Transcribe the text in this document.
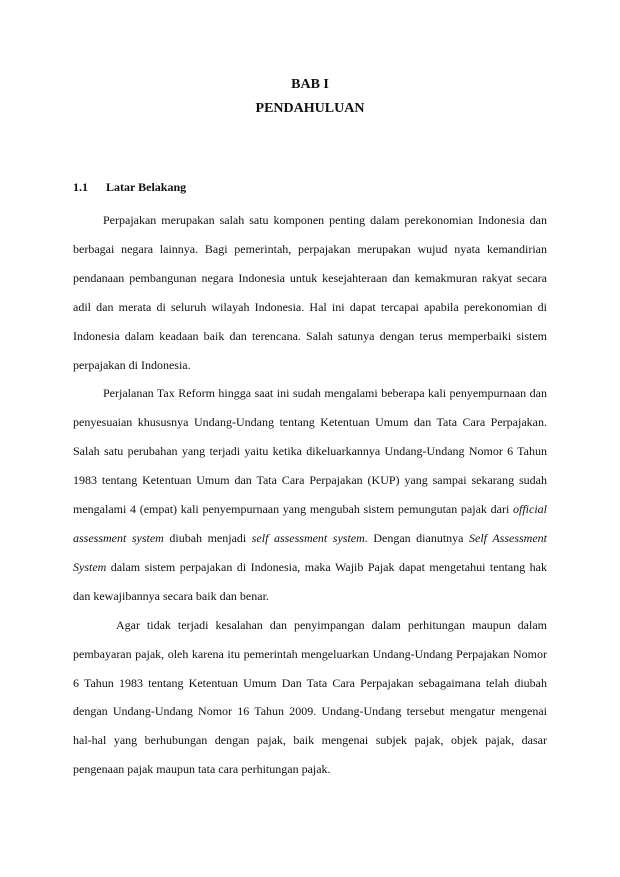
BAB I
PENDAHULUAN
1.1 Latar Belakang

Perpajakan merupakan salah satu komponen penting dalam perekonomian Indonesia dan berbagai negara lainnya. Bagi pemerintah, perpajakan merupakan wujud nyata kemandirian pendanaan pembangunan negara Indonesia untuk kesejahteraan dan kemakmuran rakyat secara adil dan merata di seluruh wilayah Indonesia. Hal ini dapat tercapai apabila perekonomian di Indonesia dalam keadaan baik dan terencana. Salah satunya dengan terus memperbaiki sistem perpajakan di Indonesia.

Perjalanan Tax Reform hingga saat ini sudah mengalami beberapa kali penyempurnaan dan penyesuaian khususnya Undang-Undang tentang Ketentuan Umum dan Tata Cara Perpajakan. Salah satu perubahan yang terjadi yaitu ketika dikeluarkannya Undang-Undang Nomor 6 Tahun 1983 tentang Ketentuan Umum dan Tata Cara Perpajakan (KUP) yang sampai sekarang sudah mengalami 4 (empat) kali penyempurnaan yang mengubah sistem pemungutan pajak dari official assessment system diubah menjadi self assessment system. Dengan dianutnya Self Assessment System dalam sistem perpajakan di Indonesia, maka Wajib Pajak dapat mengetahui tentang hak dan kewajibannya secara baik dan benar.

Agar tidak terjadi kesalahan dan penyimpangan dalam perhitungan maupun dalam pembayaran pajak, oleh karena itu pemerintah mengeluarkan Undang-Undang Perpajakan Nomor 6 Tahun 1983 tentang Ketentuan Umum Dan Tata Cara Perpajakan sebagaimana telah diubah dengan Undang-Undang Nomor 16 Tahun 2009. Undang-Undang tersebut mengatur mengenai hal-hal yang berhubungan dengan pajak, baik mengenai subjek pajak, objek pajak, dasar pengenaan pajak maupun tata cara perhitungan pajak.
